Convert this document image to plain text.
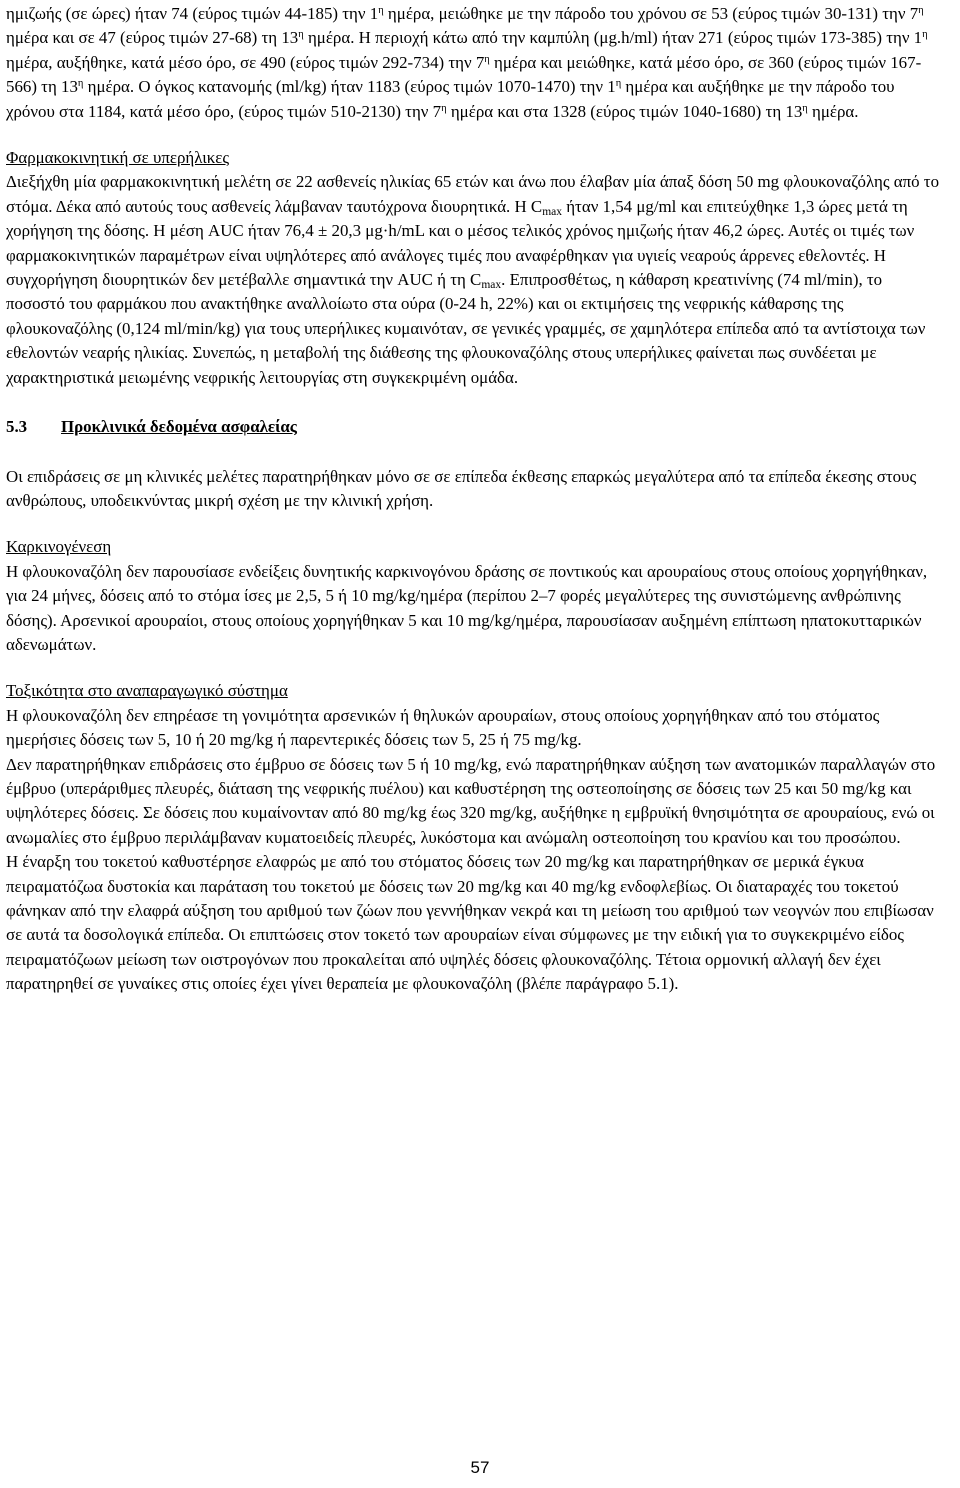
ημιζωής (σε ώρες) ήταν 74 (εύρος τιμών 44-185) την $1^\eta$ ημέρα, μειώθηκε με την πάροδο του χρόνου σε 53 (εύρος τιμών 30-131) την $7^\eta$ ημέρα και σε 47 (εύρος τιμών 27-68) τη $13^\eta$ ημέρα. Η περιοχή κάτω από την καμπύλη (μg.h/ml) ήταν 271 (εύρος τιμών 173-385) την $1^\eta$ ημέρα, αυξήθηκε, κατά μέσο όρο, σε 490 (εύρος τιμών 292-734) την $7^\eta$ ημέρα και μειώθηκε, κατά μέσο όρο, σε 360 (εύρος τιμών 167-566) τη $13^\eta$ ημέρα. Ο όγκος κατανομής (ml/kg) ήταν 1183 (εύρος τιμών 1070-1470) την $1^\eta$ ημέρα και αυξήθηκε με την πάροδο του χρόνου στα 1184, κατά μέσο όρο, (εύρος τιμών 510-2130) την $7^\eta$ ημέρα και στα 1328 (εύρος τιμών 1040-1680) τη $13^\eta$ ημέρα.

Φαρμακοκινητική σε υπερήλικες

Διεξήχθη μία φαρμακοκινητική μελέτη σε 22 ασθενείς ηλικίας 65 ετών και άνω που έλαβαν μία άπαξ δόση 50 mg φλουκοναζόλης από το στόμα. Δέκα από αυτούς τους ασθενείς λάμβαναν ταυτόχρονα διουρητικά. Η $C_{max}$ ήταν 1,54 μg/ml και επιτεύχθηκε 1,3 ώρες μετά τη χορήγηση της δόσης. Η μέση AUC ήταν 76,4 ± 20,3 μg·h/mL και ο μέσος τελικός χρόνος ημιζωής ήταν 46,2 ώρες. Αυτές οι τιμές των φαρμακοκινητικών παραμέτρων είναι υψηλότερες από ανάλογες τιμές που αναφέρθηκαν για υγιείς νεαρούς άρρενες εθελοντές. Η συγχορήγηση διουρητικών δεν μετέβαλλε σημαντικά την AUC ή τη $C_{max}$. Επιπροσθέτως, η κάθαρση κρεατινίνης (74 ml/min), το ποσοστό του φαρμάκου που ανακτήθηκε αναλλοίωτο στα ούρα (0-24 h, 22%) και οι εκτιμήσεις της νεφρικής κάθαρσης της φλουκοναζόλης (0,124 ml/min/kg) για τους υπερήλικες κυμαινόταν, σε γενικές γραμμές, σε χαμηλότερα επίπεδα από τα αντίστοιχα των εθελοντών νεαρής ηλικίας. Συνεπώς, η μεταβολή της διάθεσης της φλουκοναζόλης στους υπερήλικες φαίνεται πως συνδέεται με χαρακτηριστικά μειωμένης νεφρικής λειτουργίας στη συγκεκριμένη ομάδα.

5.3 Προκλινικά δεδομένα ασφαλείας

Οι επιδράσεις σε μη κλινικές μελέτες παρατηρήθηκαν μόνο σε σε επίπεδα έκθεσης επαρκώς μεγαλύτερα από τα επίπεδα έκεσης στους ανθρώπους, υποδεικνύντας μικρή σχέση με την κλινική χρήση.

Καρκινογένεση

Η φλουκοναζόλη δεν παρουσίασε ενδείξεις δυνητικής καρκινογόνου δράσης σε ποντικούς και αρουραίους στους οποίους χορηγήθηκαν, για 24 μήνες, δόσεις από το στόμα ίσες με 2,5, 5 ή 10 mg/kg/ημέρα (περίπου 2–7 φορές μεγαλύτερες της συνιστώμενης ανθρώπινης δόσης). Αρσενικοί αρουραίοι, στους οποίους χορηγήθηκαν 5 και 10 mg/kg/ημέρα, παρουσίασαν αυξημένη επίπτωση ηπατοκυτταρικών αδενωμάτων.

Τοξικότητα στο αναπαραγωγικό σύστημα

Η φλουκοναζόλη δεν επηρέασε τη γονιμότητα αρσενικών ή θηλυκών αρουραίων, στους οποίους χορηγήθηκαν από του στόματος ημερήσιες δόσεις των 5, 10 ή 20 mg/kg ή παρεντερικές δόσεις των 5, 25 ή 75 mg/kg.

Δεν παρατηρήθηκαν επιδράσεις στο έμβρυο σε δόσεις των 5 ή 10 mg/kg, ενώ παρατηρήθηκαν αύξηση των ανατομικών παραλλαγών στο έμβρυο (υπεράριθμες πλευρές, διάταση της νεφρικής πυέλου) και καθυστέρηση της οστεοποίησης σε δόσεις των 25 και 50 mg/kg και υψηλότερες δόσεις. Σε δόσεις που κυμαίνονταν από 80 mg/kg έως 320 mg/kg, αυξήθηκε η εμβρυϊκή θνησιμότητα σε αρουραίους, ενώ οι ανωμαλίες στο έμβρυο περιλάμβαναν κυματοειδείς πλευρές, λυκόστομα και ανώμαλη οστεοποίηση του κρανίου και του προσώπου.

Η έναρξη του τοκετού καθυστέρησε ελαφρώς με από του στόματος δόσεις των 20 mg/kg και παρατηρήθηκαν σε μερικά έγκυα πειραματόζωα δυστοκία και παράταση του τοκετού με δόσεις των 20 mg/kg και 40 mg/kg ενδοφλεβίως. Οι διαταραχές του τοκετού φάνηκαν από την ελαφρά αύξηση του αριθμού των ζώων που γεννήθηκαν νεκρά και τη μείωση του αριθμού των νεογνών που επιβίωσαν σε αυτά τα δοσολογικά επίπεδα. Οι επιπτώσεις στον τοκετό των αρουραίων είναι σύμφωνες με την ειδική για το συγκεκριμένο είδος πειραματόζωων μείωση των οιστρογόνων που προκαλείται από υψηλές δόσεις φλουκοναζόλης. Τέτοια ορμονική αλλαγή δεν έχει παρατηρηθεί σε γυναίκες στις οποίες έχει γίνει θεραπεία με φλουκοναζόλη (βλέπε παράγραφο 5.1).

57
